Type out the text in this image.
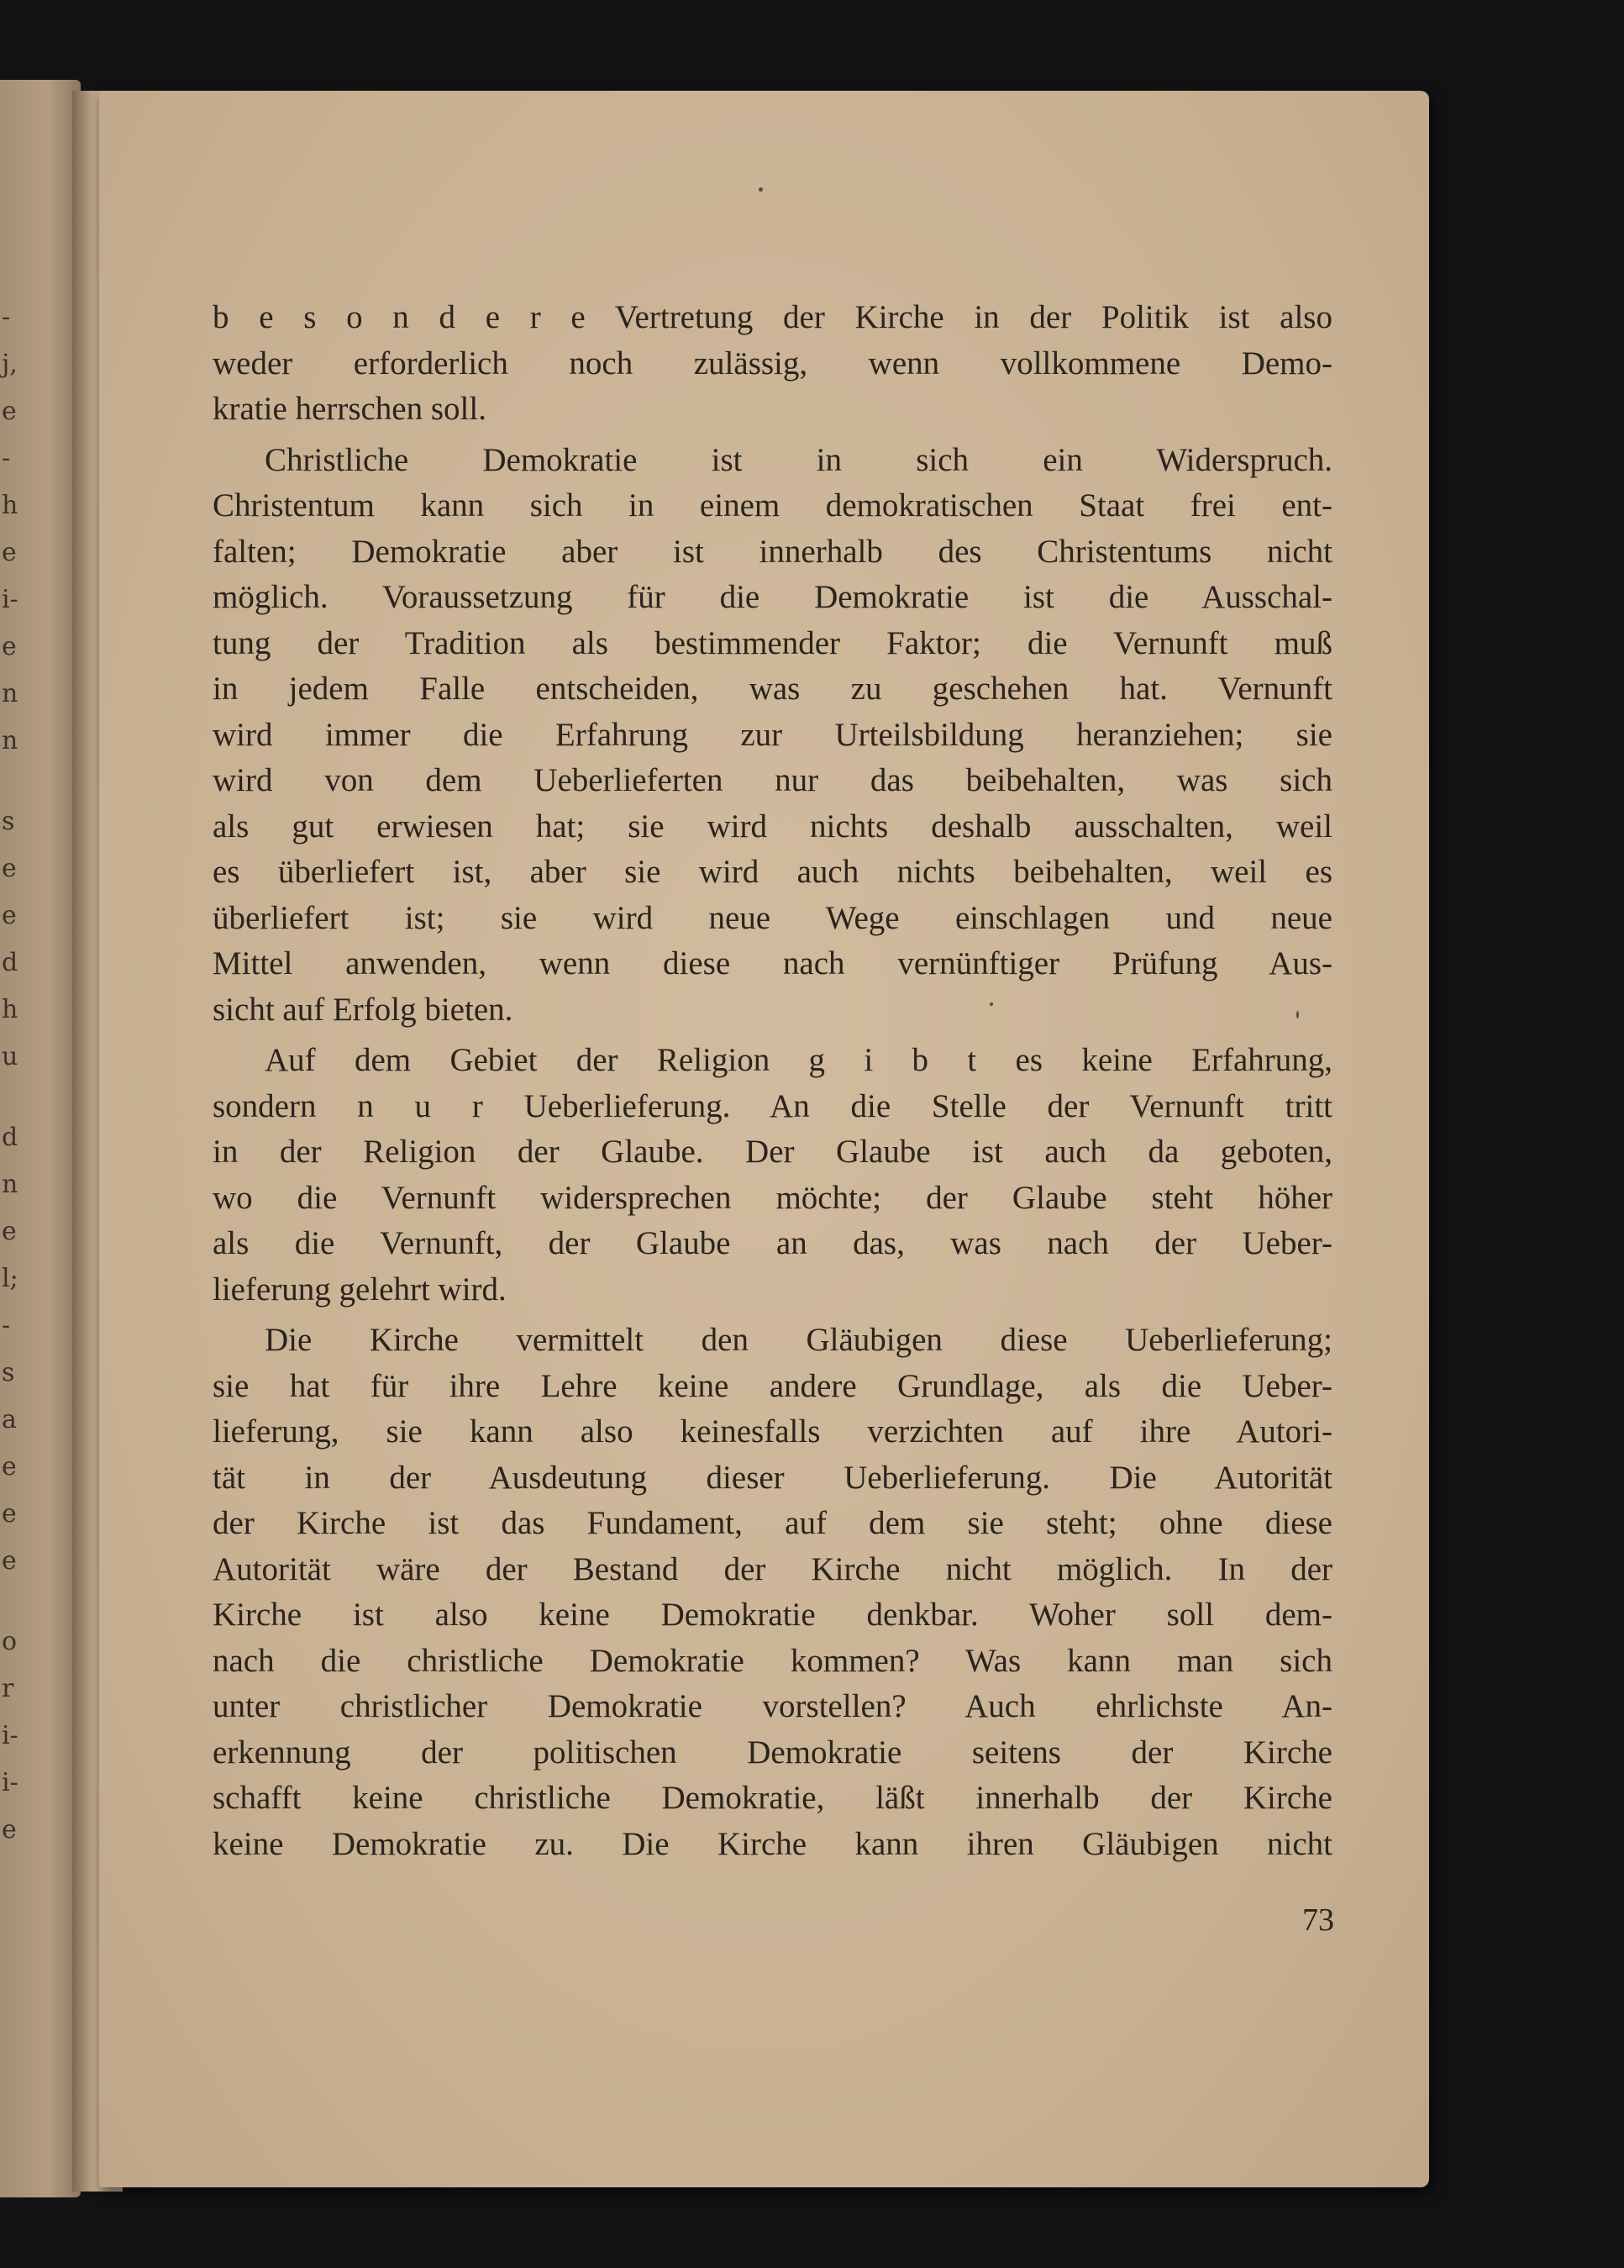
-
j,
e
-
h
e
i-
e
n
n
s
e
e
d
h
u
d
n
e
l;
-
s
a
e
e
e
o
r
i-
i-
e
b e s o n d e r e Vertretung der Kirche in der Politik ist also
weder erforderlich noch zulässig, wenn vollkommene Demo-
kratie herrschen soll.
Christliche Demokratie ist in sich ein Widerspruch.
Christentum kann sich in einem demokratischen Staat frei ent-
falten; Demokratie aber ist innerhalb des Christentums nicht
möglich. Voraussetzung für die Demokratie ist die Ausschal-
tung der Tradition als bestimmender Faktor; die Vernunft muß
in jedem Falle entscheiden, was zu geschehen hat. Vernunft
wird immer die Erfahrung zur Urteilsbildung heranziehen; sie
wird von dem Ueberlieferten nur das beibehalten, was sich
als gut erwiesen hat; sie wird nichts deshalb ausschalten, weil
es überliefert ist, aber sie wird auch nichts beibehalten, weil es
überliefert ist; sie wird neue Wege einschlagen und neue
Mittel anwenden, wenn diese nach vernünftiger Prüfung Aus-
sicht auf Erfolg bieten.
Auf dem Gebiet der Religion g i b t es keine Erfahrung,
sondern n u r Ueberlieferung. An die Stelle der Vernunft tritt
in der Religion der Glaube. Der Glaube ist auch da geboten,
wo die Vernunft widersprechen möchte; der Glaube steht höher
als die Vernunft, der Glaube an das, was nach der Ueber-
lieferung gelehrt wird.
Die Kirche vermittelt den Gläubigen diese Ueberlieferung;
sie hat für ihre Lehre keine andere Grundlage, als die Ueber-
lieferung, sie kann also keinesfalls verzichten auf ihre Autori-
tät in der Ausdeutung dieser Ueberlieferung. Die Autorität
der Kirche ist das Fundament, auf dem sie steht; ohne diese
Autorität wäre der Bestand der Kirche nicht möglich. In der
Kirche ist also keine Demokratie denkbar. Woher soll dem-
nach die christliche Demokratie kommen? Was kann man sich
unter christlicher Demokratie vorstellen? Auch ehrlichste An-
erkennung der politischen Demokratie seitens der Kirche
schafft keine christliche Demokratie, läßt innerhalb der Kirche
keine Demokratie zu. Die Kirche kann ihren Gläubigen nicht
73
